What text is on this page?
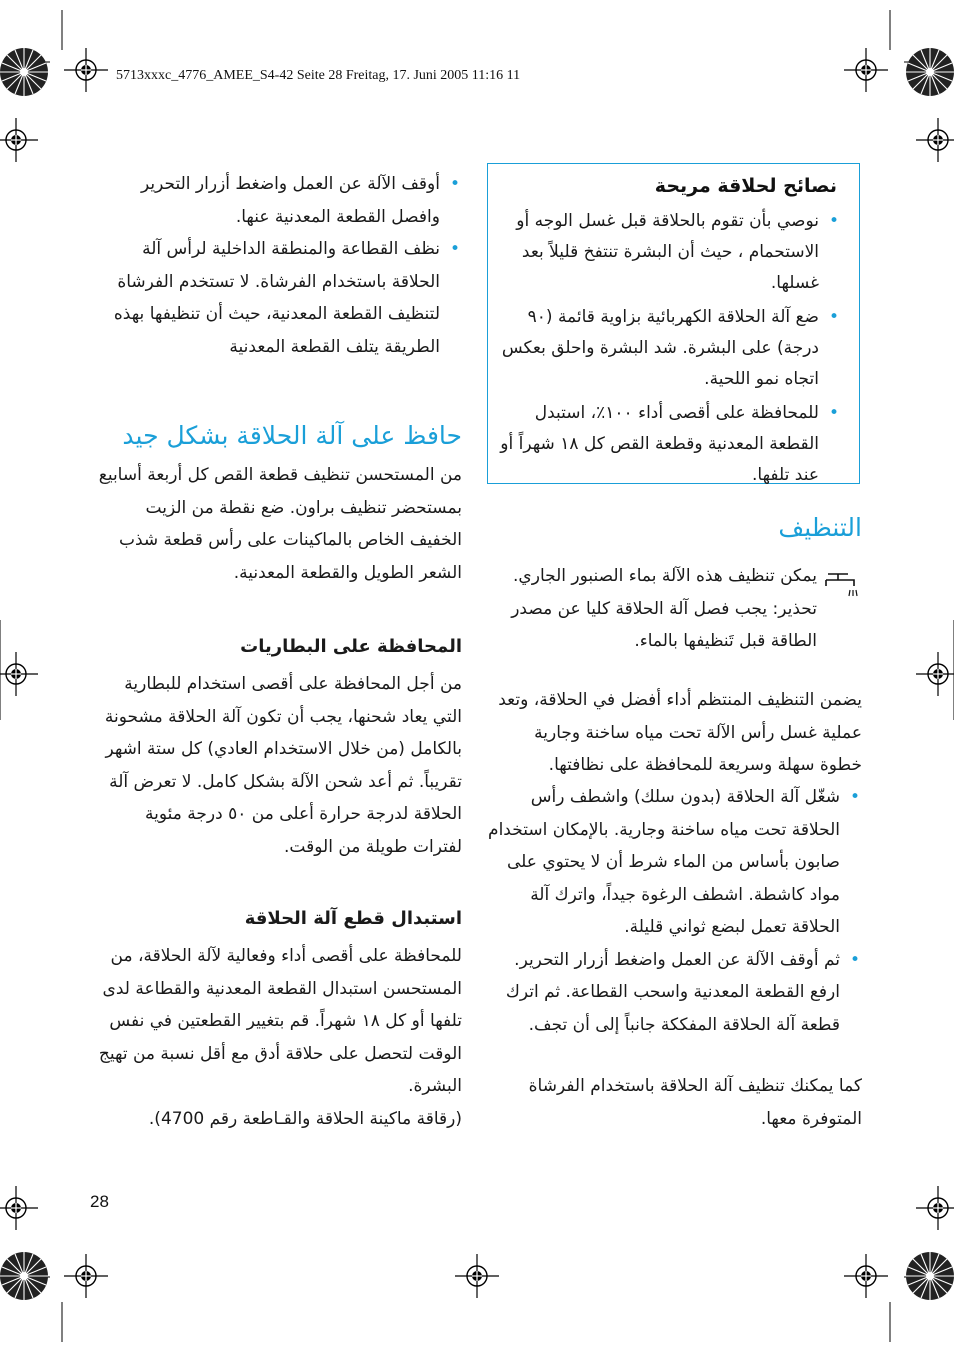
5713xxxc_4776_AMEE_S4-42 Seite 28 Freitag, 17. Juni 2005 11:16 11
نصائح لحلاقة مريحة
•
نوصي بأن تقوم بالحلاقة قبل غسل الوجه أو الاستحمام ، حيث أن البشرة تنتفخ قليلاً بعد غسلها.
•
ضع آلة الحلاقة الكهربائية بزاوية قائمة (٩٠ درجة) على البشرة. شد البشرة واحلق بعكس اتجاه نمو اللحية.
•
للمحافظة على أقصى أداء ١٠٠٪، استبدل القطعة المعدنية وقطعة القص كل ١٨ شهراً أو عند تلفها.
التنظيف

يمكن تنظيف هذه الآلة بماء الصنبور الجاري. تحذير: يجب فصل آلة الحلاقة كليا عن مصدر الطاقة قبل تَنظيفها بالماء.

يضمن التنظيف المنتظم أداء أفضل في الحلاقة، وتعد عملية غسل رأس الآلة تحت مياه ساخنة وجارية خطوة سهلة وسريعة للمحافظة على نظافتها.

•
شغّل آلة الحلاقة (بدون سلك) واشطف رأس الحلاقة تحت مياه ساخنة وجارية. بالإمكان استخدام صابون بأساس من الماء شرط أن لا يحتوي على مواد كاشطة. اشطف الرغوة جيداً، واترك آلة الحلاقة تعمل لبضع ثواني قليلة.
•
ثم أوقف الآلة عن العمل واضغط أزرار التحرير. ارفع القطعة المعدنية واسحب القطاعة. ثم اترك قطعة آلة الحلاقة المفككة جانباً إلى أن تجف.

كما يمكنك تنظيف آلة الحلاقة باستخدام الفرشاة المتوفرة معها.

•
أوقف الآلة عن العمل واضغط أزرار التحرير وافصل القطعة المعدنية عنها.
•
نظف القطاعة والمنطقة الداخلية لرأس آلة الحلاقة باستخدام الفرشاة. لا تستخدم الفرشاة لتنظيف القطعة المعدنية، حيث أن تنظيفها بهذه الطريقة يتلف القطعة المعدنية
حافظ على آلة الحلاقة بشكل جيد

من المستحسن تنظيف قطعة القص كل أربعة أسابيع بمستحضر تنظيف براون. ضع نقطة من الزيت الخفيف الخاص بالماكينات على رأس قطعة شذب الشعر الطويل والقطعة المعدنية.

المحافظة على البطاريات

من أجل المحافظة على أقصى استخدام للبطارية التي يعاد شحنها، يجب أن تكون آلة الحلاقة مشحونة بالكامل (من خلال الاستخدام العادي) كل ستة اشهر تقريباً. ثم أعد شحن الآلة بشكل كامل. لا تعرض آلة الحلاقة لدرجة حرارة أعلى من ٥٠ درجة مئوية لفترات طويلة من الوقت.

استبدال قطع آلة الحلاقة

للمحافظة على أقصى أداء وفعالية لآلة الحلاقة، من المستحسن استبدال القطعة المعدنية والقطاعة لدى تلفها أو كل ١٨ شهراً. قم بتغيير القطعتين في نفس الوقت لتحصل على حلاقة أدق مع أقل نسبة من تهيج البشرة.

(رقاقة ماكينة الحلاقة والقـاطعة رقم 4700).

28
